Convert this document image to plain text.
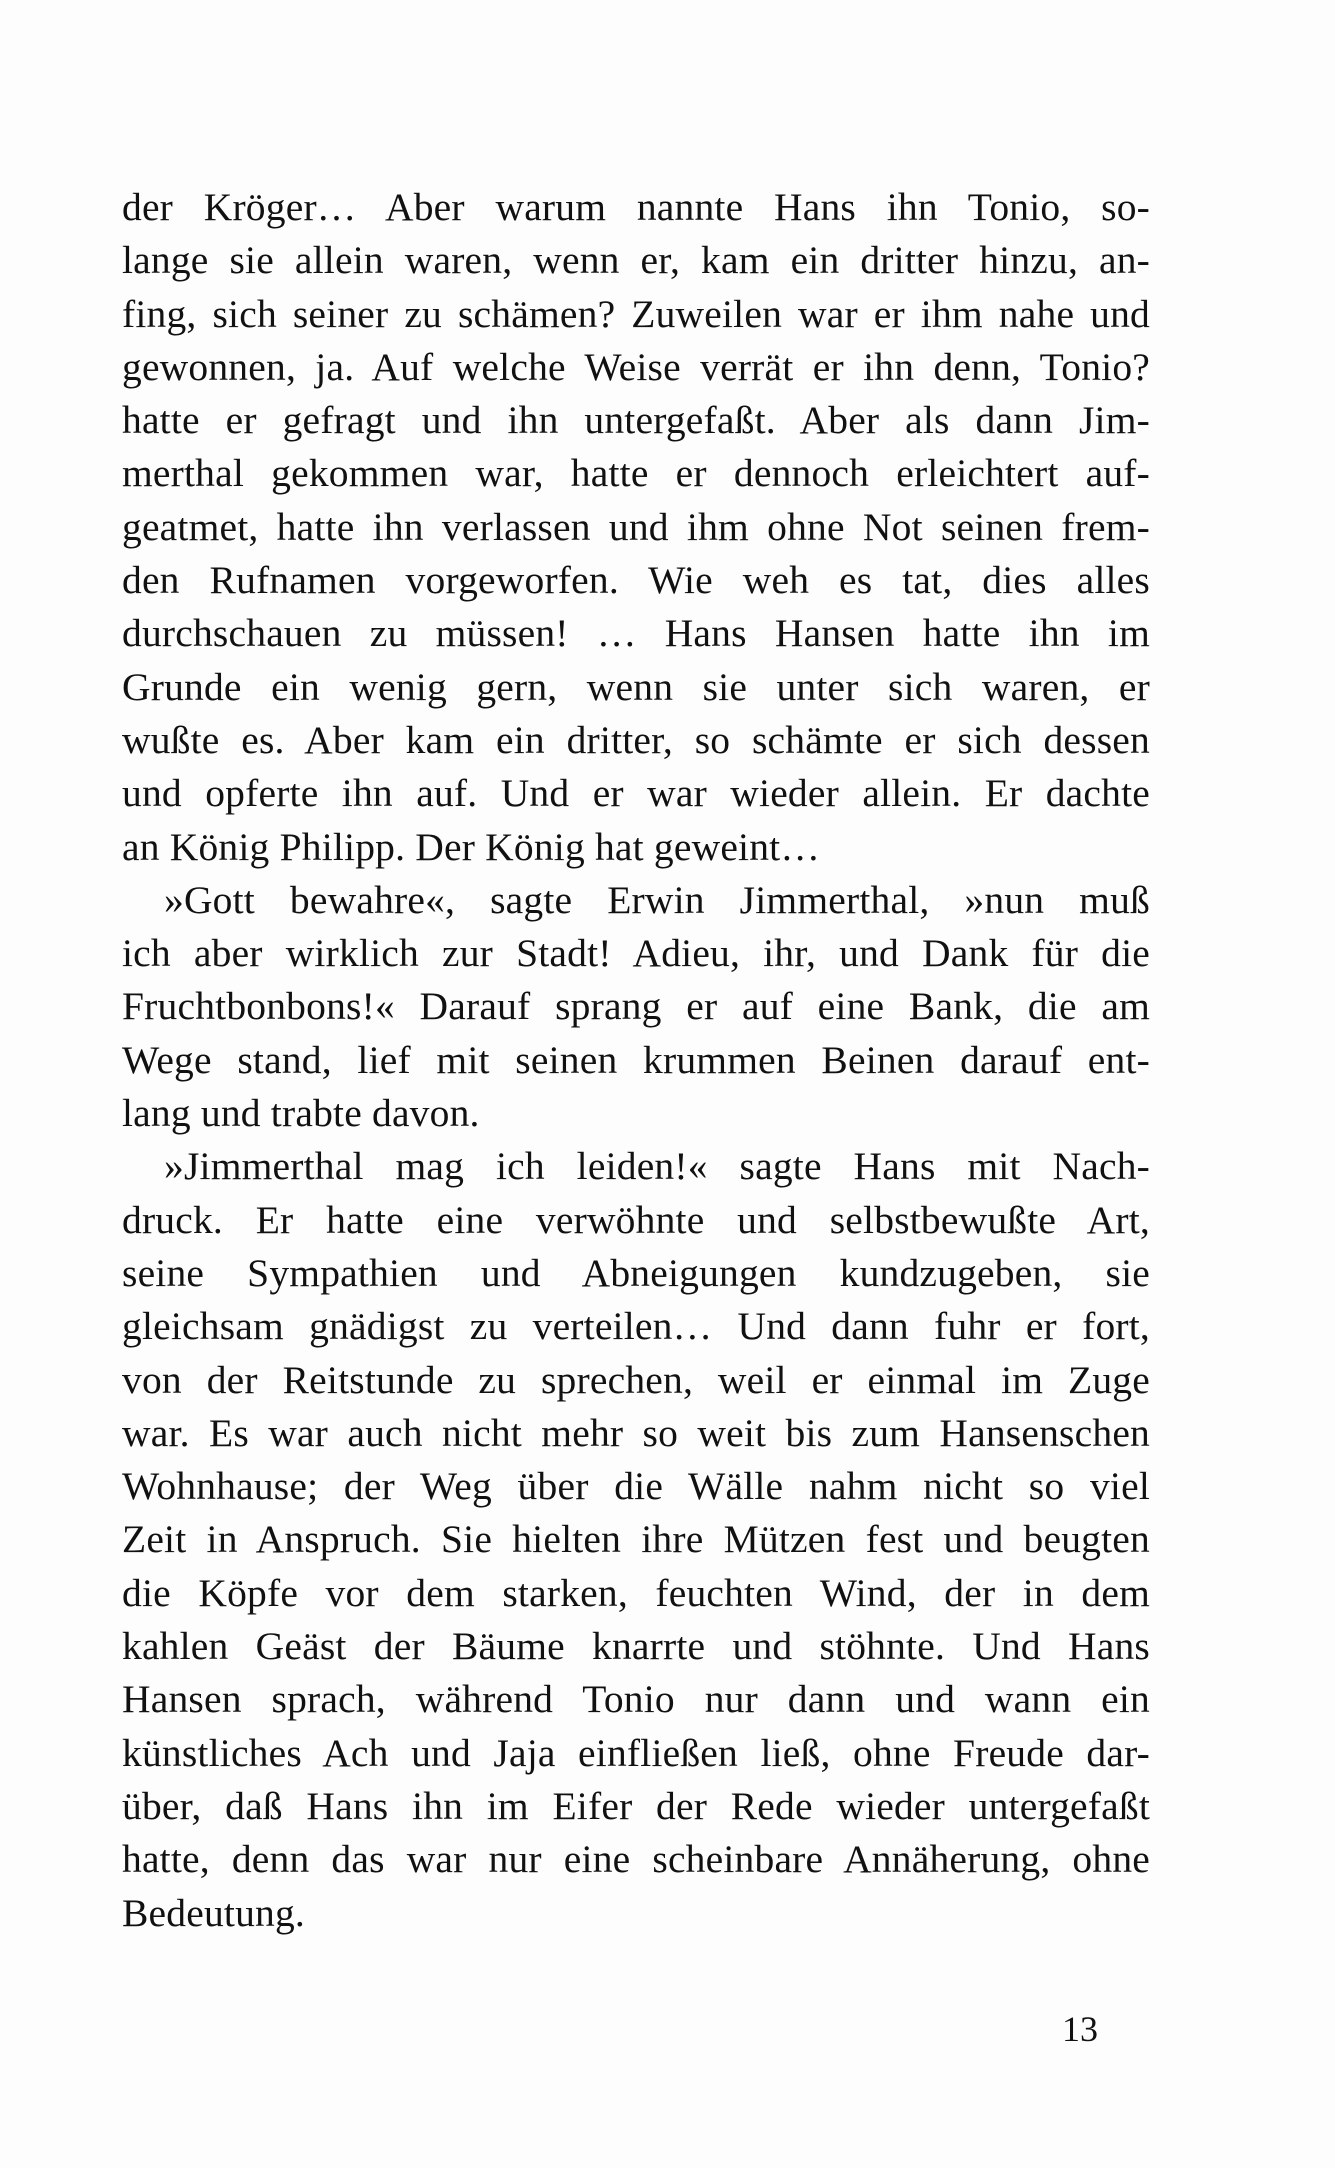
der Kröger… Aber warum nannte Hans ihn Tonio, so-
lange sie allein waren, wenn er, kam ein dritter hinzu, an-
fing, sich seiner zu schämen? Zuweilen war er ihm nahe und
gewonnen, ja. Auf welche Weise verrät er ihn denn, Tonio?
hatte er gefragt und ihn untergefaßt. Aber als dann Jim-
merthal gekommen war, hatte er dennoch erleichtert auf-
geatmet, hatte ihn verlassen und ihm ohne Not seinen frem-
den Rufnamen vorgeworfen. Wie weh es tat, dies alles
durchschauen zu müssen! … Hans Hansen hatte ihn im
Grunde ein wenig gern, wenn sie unter sich waren, er
wußte es. Aber kam ein dritter, so schämte er sich dessen
und opferte ihn auf. Und er war wieder allein. Er dachte
an König Philipp. Der König hat geweint…
»Gott bewahre«, sagte Erwin Jimmerthal, »nun muß
ich aber wirklich zur Stadt! Adieu, ihr, und Dank für die
Fruchtbonbons!« Darauf sprang er auf eine Bank, die am
Wege stand, lief mit seinen krummen Beinen darauf ent-
lang und trabte davon.
»Jimmerthal mag ich leiden!« sagte Hans mit Nach-
druck. Er hatte eine verwöhnte und selbstbewußte Art,
seine Sympathien und Abneigungen kundzugeben, sie
gleichsam gnädigst zu verteilen… Und dann fuhr er fort,
von der Reitstunde zu sprechen, weil er einmal im Zuge
war. Es war auch nicht mehr so weit bis zum Hansenschen
Wohnhause; der Weg über die Wälle nahm nicht so viel
Zeit in Anspruch. Sie hielten ihre Mützen fest und beugten
die Köpfe vor dem starken, feuchten Wind, der in dem
kahlen Geäst der Bäume knarrte und stöhnte. Und Hans
Hansen sprach, während Tonio nur dann und wann ein
künstliches Ach und Jaja einfließen ließ, ohne Freude dar-
über, daß Hans ihn im Eifer der Rede wieder untergefaßt
hatte, denn das war nur eine scheinbare Annäherung, ohne
Bedeutung.
13
